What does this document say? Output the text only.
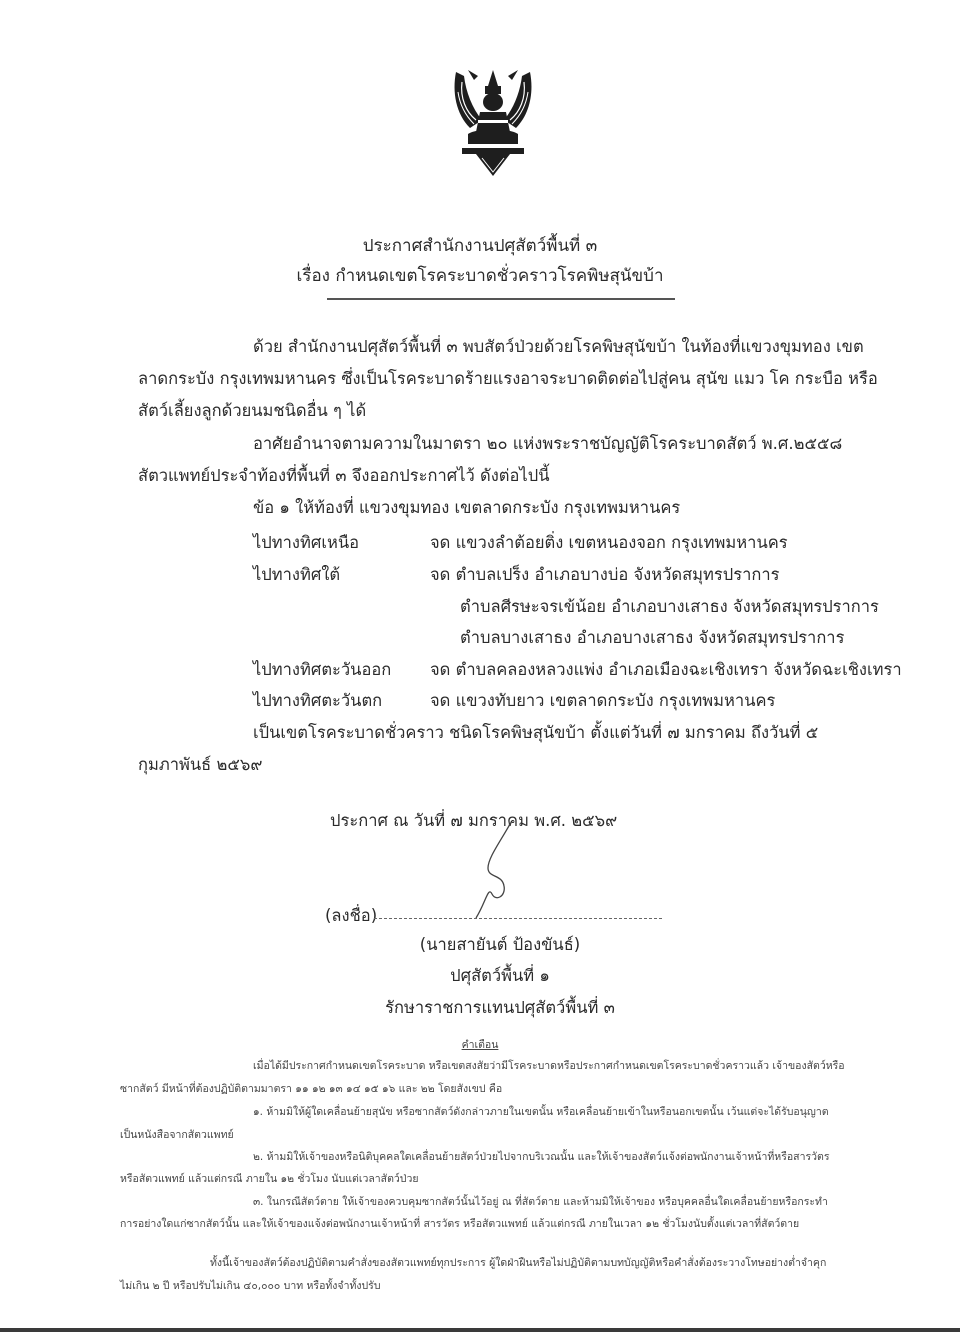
ประกาศสำนักงานปศุสัตว์พื้นที่ ๓
เรื่อง กำหนดเขตโรคระบาดชั่วคราวโรคพิษสุนัขบ้า
ด้วย สำนักงานปศุสัตว์พื้นที่ ๓ พบสัตว์ป่วยด้วยโรคพิษสุนัขบ้า ในท้องที่แขวงขุมทอง เขต
ลาดกระบัง กรุงเทพมหานคร ซึ่งเป็นโรคระบาดร้ายแรงอาจระบาดติดต่อไปสู่คน สุนัข แมว โค กระบือ หรือ
สัตว์เลี้ยงลูกด้วยนมชนิดอื่น ๆ ได้
อาศัยอำนาจตามความในมาตรา ๒๐ แห่งพระราชบัญญัติโรคระบาดสัตว์ พ.ศ.๒๕๕๘
สัตวแพทย์ประจำท้องที่พื้นที่ ๓ จึงออกประกาศไว้ ดังต่อไปนี้
ข้อ ๑ ให้ท้องที่ แขวงขุมทอง เขตลาดกระบัง กรุงเทพมหานคร
ไปทางทิศเหนือ	จด แขวงลำต้อยติ่ง เขตหนองจอก กรุงเทพมหานคร
ไปทางทิศใต้	จด ตำบลเปร็ง อำเภอบางบ่อ จังหวัดสมุทรปราการ
ตำบลศีรษะจรเข้น้อย อำเภอบางเสาธง จังหวัดสมุทรปราการ
ตำบลบางเสาธง อำเภอบางเสาธง จังหวัดสมุทรปราการ
ไปทางทิศตะวันออก จด ตำบลคลองหลวงแพ่ง อำเภอเมืองฉะเชิงเทรา จังหวัดฉะเชิงเทรา
ไปทางทิศตะวันตก	จด แขวงทับยาว เขตลาดกระบัง กรุงเทพมหานคร
เป็นเขตโรคระบาดชั่วคราว ชนิดโรคพิษสุนัขบ้า ตั้งแต่วันที่ ๗ มกราคม ถึงวันที่ ๕
กุมภาพันธ์ ๒๕๖๙
ประกาศ ณ วันที่ ๗ มกราคม พ.ศ. ๒๕๖๙
(ลงชื่อ)
(นายสายันต์ ป้องขันธ์)
ปศุสัตว์พื้นที่ ๑
รักษาราชการแทนปศุสัตว์พื้นที่ ๓
คำเตือน
เมื่อได้มีประกาศกำหนดเขตโรคระบาด หรือเขตสงสัยว่ามีโรคระบาดหรือประกาศกำหนดเขตโรคระบาดชั่วคราวแล้ว เจ้าของสัตว์หรือ
ซากสัตว์ มีหน้าที่ต้องปฏิบัติตามมาตรา ๑๑ ๑๒ ๑๓ ๑๔ ๑๕ ๑๖ และ ๒๒ โดยสังเขป คือ
๑. ห้ามมิให้ผู้ใดเคลื่อนย้ายสุนัข หรือซากสัตว์ดังกล่าวภายในเขตนั้น หรือเคลื่อนย้ายเข้าในหรือนอกเขตนั้น เว้นแต่จะได้รับอนุญาต
เป็นหนังสือจากสัตวแพทย์
๒. ห้ามมิให้เจ้าของหรือนิติบุคคลใดเคลื่อนย้ายสัตว์ป่วยไปจากบริเวณนั้น และให้เจ้าของสัตว์แจ้งต่อพนักงานเจ้าหน้าที่หรือสารวัตร
หรือสัตวแพทย์ แล้วแต่กรณี ภายใน ๑๒ ชั่วโมง นับแต่เวลาสัตว์ป่วย
๓. ในกรณีสัตว์ตาย ให้เจ้าของควบคุมซากสัตว์นั้นไว้อยู่ ณ ที่สัตว์ตาย และห้ามมิให้เจ้าของ หรือบุคคลอื่นใดเคลื่อนย้ายหรือกระทำ
การอย่างใดแก่ซากสัตว์นั้น และให้เจ้าของแจ้งต่อพนักงานเจ้าหน้าที่ สารวัตร หรือสัตวแพทย์ แล้วแต่กรณี ภายในเวลา ๑๒ ชั่วโมงนับตั้งแต่เวลาที่สัตว์ตาย
ทั้งนี้เจ้าของสัตว์ต้องปฏิบัติตามคำสั่งของสัตวแพทย์ทุกประการ ผู้ใดฝ่าฝืนหรือไม่ปฏิบัติตามบทบัญญัติหรือคำสั่งต้องระวางโทษอย่างต่ำจำคุก
ไม่เกิน ๒ ปี หรือปรับไม่เกิน ๔๐,๐๐๐ บาท หรือทั้งจำทั้งปรับ
